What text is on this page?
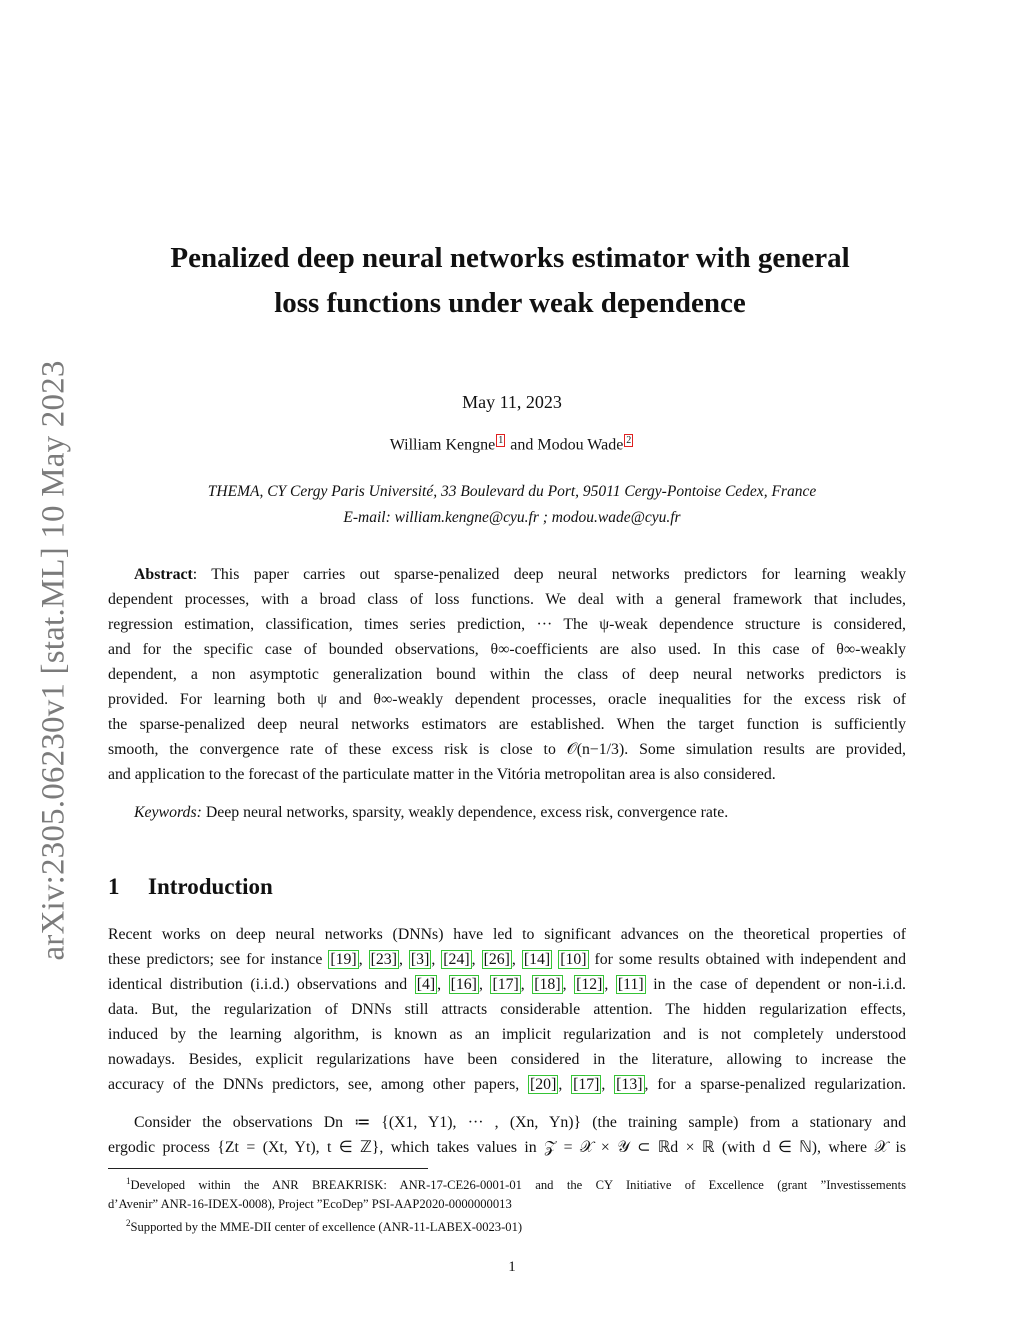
arXiv:2305.06230v1 [stat.ML] 10 May 2023
Penalized deep neural networks estimator with general
loss functions under weak dependence
May 11, 2023
William Kengne $^1$ and Modou Wade $^2$
THEMA, CY Cergy Paris Université, 33 Boulevard du Port, 95011 Cergy-Pontoise Cedex, France
E-mail: william.kengne@cyu.fr ; modou.wade@cyu.fr
Abstract: This paper carries out sparse-penalized deep neural networks predictors for learning weakly
dependent processes, with a broad class of loss functions. We deal with a general framework that includes,
regression estimation, classification, times series prediction, ··· The ψ-weak dependence structure is considered,
and for the specific case of bounded observations, θ∞-coefficients are also used. In this case of θ∞-weakly
dependent, a non asymptotic generalization bound within the class of deep neural networks predictors is
provided. For learning both ψ and θ∞-weakly dependent processes, oracle inequalities for the excess risk of
the sparse-penalized deep neural networks estimators are established. When the target function is sufficiently
smooth, the convergence rate of these excess risk is close to 𝒪(n−1/3). Some simulation results are provided,
and application to the forecast of the particulate matter in the Vitória metropolitan area is also considered.
Keywords: Deep neural networks, sparsity, weakly dependence, excess risk, convergence rate.
1 Introduction
Recent works on deep neural networks (DNNs) have led to significant advances on the theoretical properties of
these predictors; see for instance [19] , [23] , [3] , [24] , [26] , [14] [10] for some results obtained with independent and
identical distribution (i.i.d.) observations and [4] , [16] , [17] , [18] , [12] , [11] in the case of dependent or non-i.i.d.
data. But, the regularization of DNNs still attracts considerable attention. The hidden regularization effects,
induced by the learning algorithm, is known as an implicit regularization and is not completely understood
nowadays. Besides, explicit regularizations have been considered in the literature, allowing to increase the
accuracy of the DNNs predictors, see, among other papers, [20] , [17] , [13] , for a sparse-penalized regularization.
Consider the observations Dn ≔ {(X1, Y1), ··· , (Xn, Yn)} (the training sample) from a stationary and
ergodic process {Zt = (Xt, Yt), t ∈ ℤ}, which takes values in 𝒵 = 𝒳 × 𝒴 ⊂ ℝd × ℝ (with d ∈ ℕ), where 𝒳 is
$^1$Developed within the ANR BREAKRISK: ANR-17-CE26-0001-01 and the CY Initiative of Excellence (grant ”Investissements
d’Avenir” ANR-16-IDEX-0008), Project ”EcoDep” PSI-AAP2020-0000000013
$^2$Supported by the MME-DII center of excellence (ANR-11-LABEX-0023-01)
1
